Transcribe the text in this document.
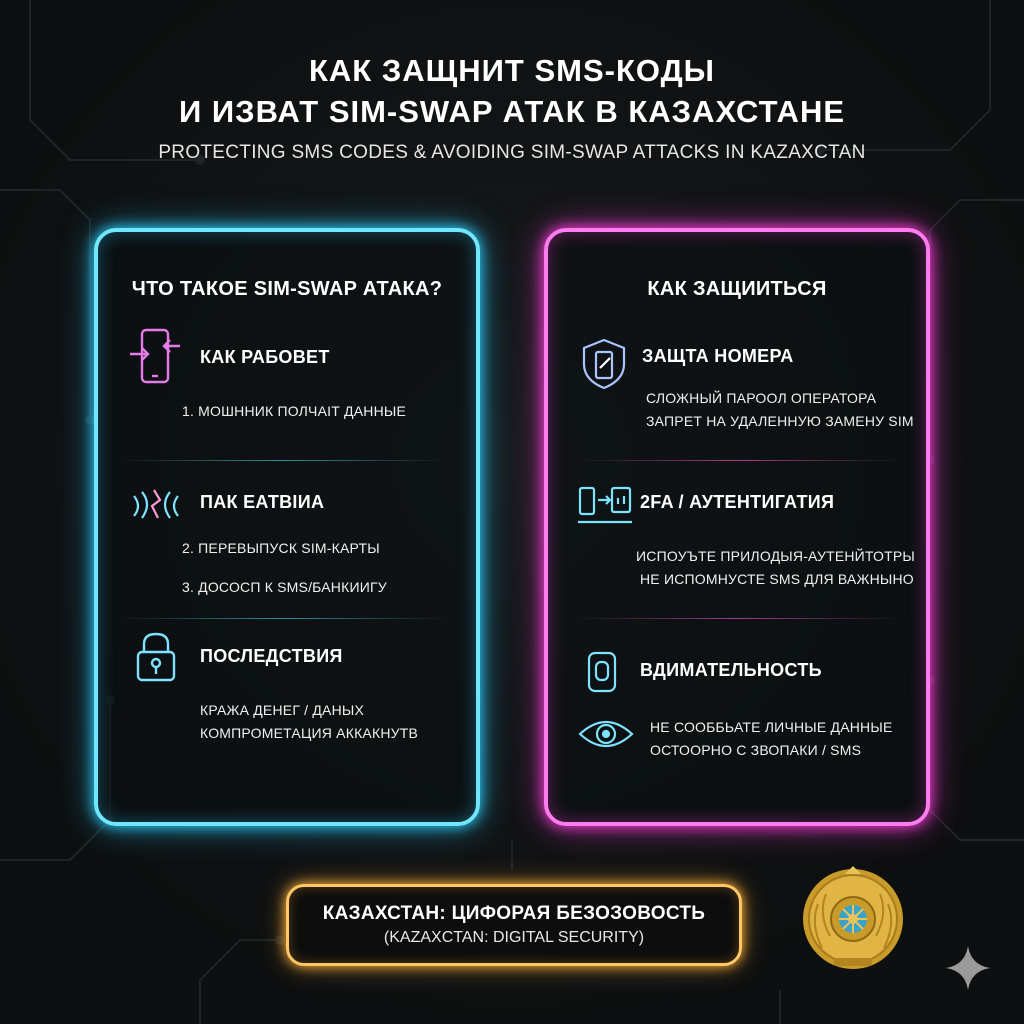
КАК ЗАЩНИТ SMS-КОДЫ
И ИЗВАТ SIM-SWAP АТАК В КАЗАХСТАНЕ
PROTECTING SMS CODES & AVOIDING SIM-SWAP ATTACKS IN KAZAXCTAN
ЧТО ТАКОЕ SIM-SWAP АТАКА?
КАК РАБОВЕТ
1. МОШННИК ПОЛЧАІТ ДАННЫЕ
ПАК ЕАТВІИА
2. ПЕРЕВЫПУСК SIM-КАРТЫ
3. ДОСОСП К SMS/БАНКИИГУ
ПОСЛЕДСТВИЯ
КРАЖА ДЕНЕГ / ДАНЫХ
КОМПРОМЕТАЦИЯ АККАКНУТВ
КАК ЗАЩИИТЬСЯ
ЗАЩТА НОМЕРА
СЛОЖНЫЙ ПАРООЛ ОПЕРАТОРА
ЗАПРЕТ НА УДАЛЕННУЮ ЗАМЕНУ SIM
2FA / АУТЕНТИГАТИЯ
ИСПОУЪТЕ ПРИЛОДЫЯ-АУТЕНЙТОТРЫ
НЕ ИСПОМНУСТЕ SMS ДЛЯ ВАЖНЫНО
ВДИМАТЕЛЬНОСТЬ
НЕ СООББЬАТЕ ЛИЧНЫЕ ДАННЫЕ
ОСТООРНО С ЗВОПАКИ / SMS
КАЗАХСТАН: ЦИФОРАЯ БЕЗОЗОВОСТЬ
(KAZAXCTAN: DIGITAL SECURITY)
